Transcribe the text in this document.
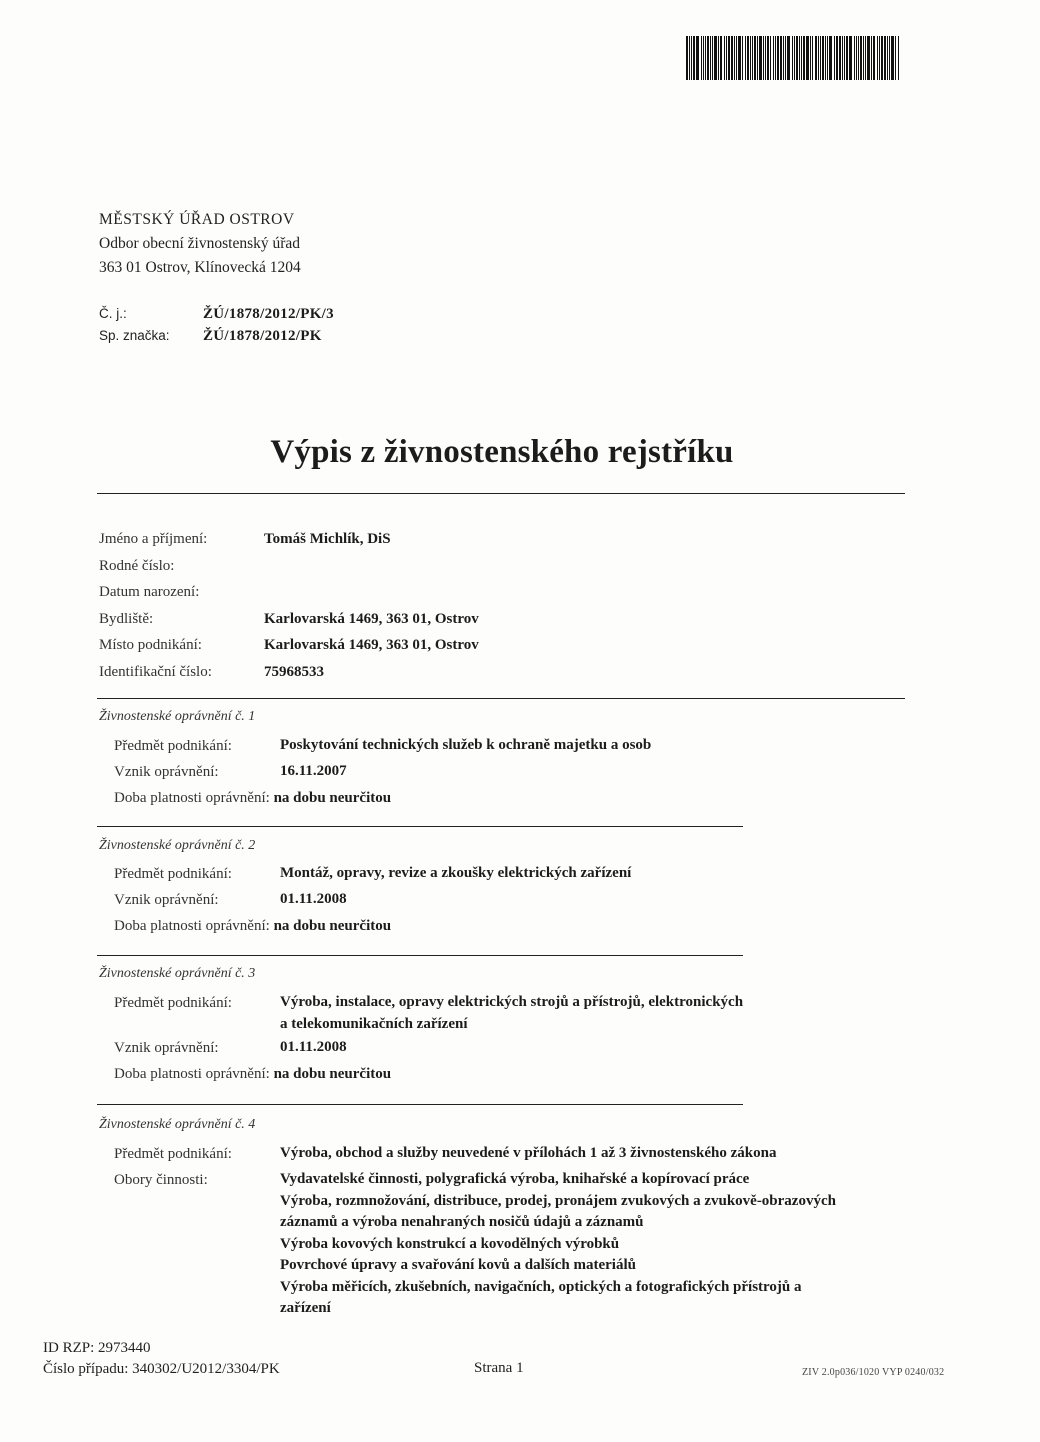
MĚSTSKÝ ÚŘAD OSTROV
Odbor obecní živnostenský úřad
363 01 Ostrov, Klínovecká 1204
Č. j.:	ŽÚ/1878/2012/PK/3
Sp. značka: ŽÚ/1878/2012/PK
Výpis z živnostenského rejstříku
Jméno a příjmení:	Tomáš Michlík, DiS
Rodné číslo:
Datum narození:
Bydliště:	Karlovarská 1469, 363 01, Ostrov
Místo podnikání:	Karlovarská 1469, 363 01, Ostrov
Identifikační číslo:	75968533
Živnostenské oprávnění č. 1
Předmět podnikání:	Poskytování technických služeb k ochraně majetku a osob
Vznik oprávnění:	16.11.2007
Doba platnosti oprávnění:
na dobu neurčitou
Živnostenské oprávnění č. 2
Předmět podnikání:	Montáž, opravy, revize a zkoušky elektrických zařízení
Vznik oprávnění:	01.11.2008
Doba platnosti oprávnění:
na dobu neurčitou
Živnostenské oprávnění č. 3
Předmět podnikání:	Výroba, instalace, opravy elektrických strojů a přístrojů, elektronických
a telekomunikačních zařízení
Vznik oprávnění:	01.11.2008
Doba platnosti oprávnění:
na dobu neurčitou
Živnostenské oprávnění č. 4
Předmět podnikání:	Výroba, obchod a služby neuvedené v přílohách 1 až 3 živnostenského zákona
Obory činnosti:	Vydavatelské činnosti, polygrafická výroba, knihařské a kopírovací práce
Výroba, rozmnožování, distribuce, prodej, pronájem zvukových a zvukově-obrazových
záznamů a výroba nenahraných nosičů údajů a záznamů
Výroba kovových konstrukcí a kovodělných výrobků
Povrchové úpravy a svařování kovů a dalších materiálů
Výroba měřicích, zkušebních, navigačních, optických a fotografických přístrojů a
zařízení
ID RZP: 2973440
Číslo případu: 340302/U2012/3304/PK	Strana 1	ZIV 2.0p036/1020 VYP 0240/032
